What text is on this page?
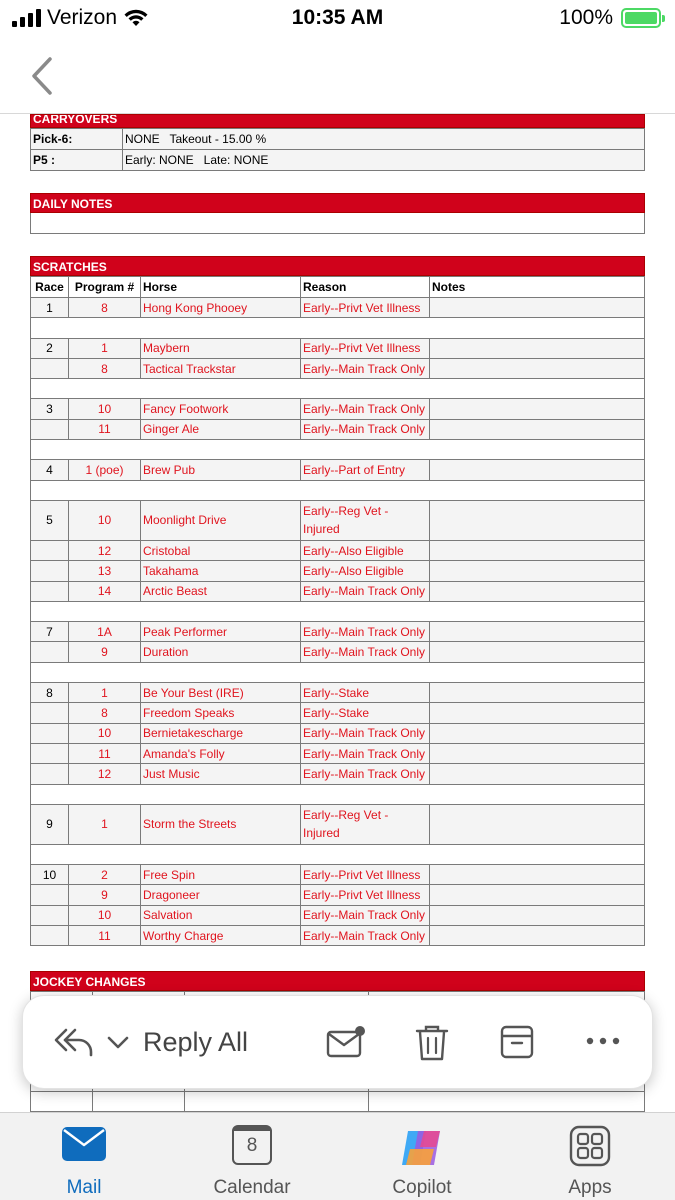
Verizon	10:35 AM	100%
CARRYOVERS
Pick-6:	NONE   Takeout - 15.00 %
P5 :	Early: NONE   Late: NONE
DAILY NOTES
SCRATCHES
Race	Program #	Horse	Reason	Notes
1	8	Hong Kong Phooey	Early--Privt Vet Illness	

2	1	Maybern	Early--Privt Vet Illness	
	8	Tactical Trackstar	Early--Main Track Only	

3	10	Fancy Footwork	Early--Main Track Only	
	11	Ginger Ale	Early--Main Track Only	

4	1 (poe)	Brew Pub	Early--Part of Entry	

5	10	Moonlight Drive	Early--Reg Vet -
Injured	
	12	Cristobal	Early--Also Eligible	
	13	Takahama	Early--Also Eligible	
	14	Arctic Beast	Early--Main Track Only	

7	1A	Peak Performer	Early--Main Track Only	
	9	Duration	Early--Main Track Only	

8	1	Be Your Best (IRE)	Early--Stake	
	8	Freedom Speaks	Early--Stake	
	10	Bernietakescharge	Early--Main Track Only	
	11	Amanda's Folly	Early--Main Track Only	
	12	Just Music	Early--Main Track Only	

9	1	Storm the Streets	Early--Reg Vet -
Injured	

10	2	Free Spin	Early--Privt Vet Illness	
	9	Dragoneer	Early--Privt Vet Illness	
	10	Salvation	Early--Main Track Only	
	11	Worthy Charge	Early--Main Track Only	
JOCKEY CHANGES

Reply All
Mail
8
Calendar	Copilot	Apps
